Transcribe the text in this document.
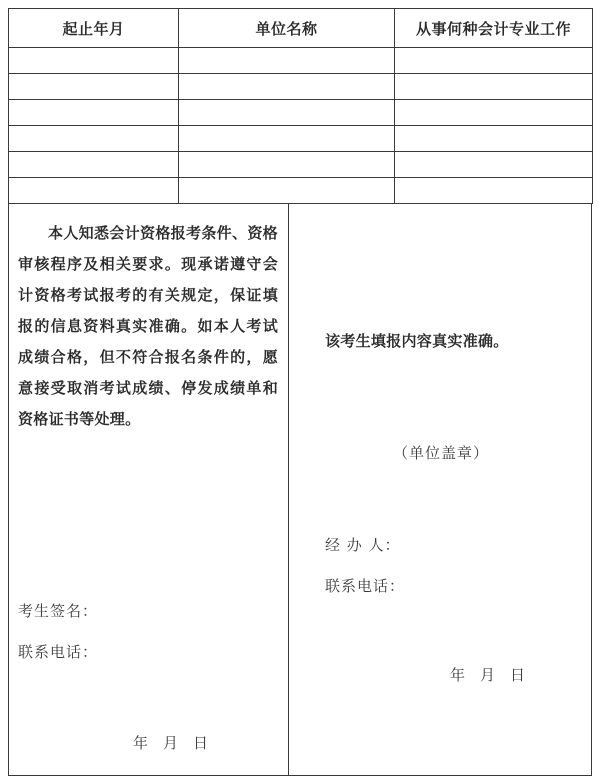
起止年月	单位名称	从事何种会计专业工作

本人知悉会计资格报考条件、资格审核程序及相关要求。现承诺遵守会计资格考试报考的有关规定，保证填报的信息资料真实准确。如本人考试成绩合格，但不符合报名条件的，愿意接受取消考试成绩、停发成绩单和资格证书等处理。
考生签名：
联系电话：
年　月　日
该考生填报内容真实准确。
（单位盖章）
经 办 人：
联系电话：
年　月　日
